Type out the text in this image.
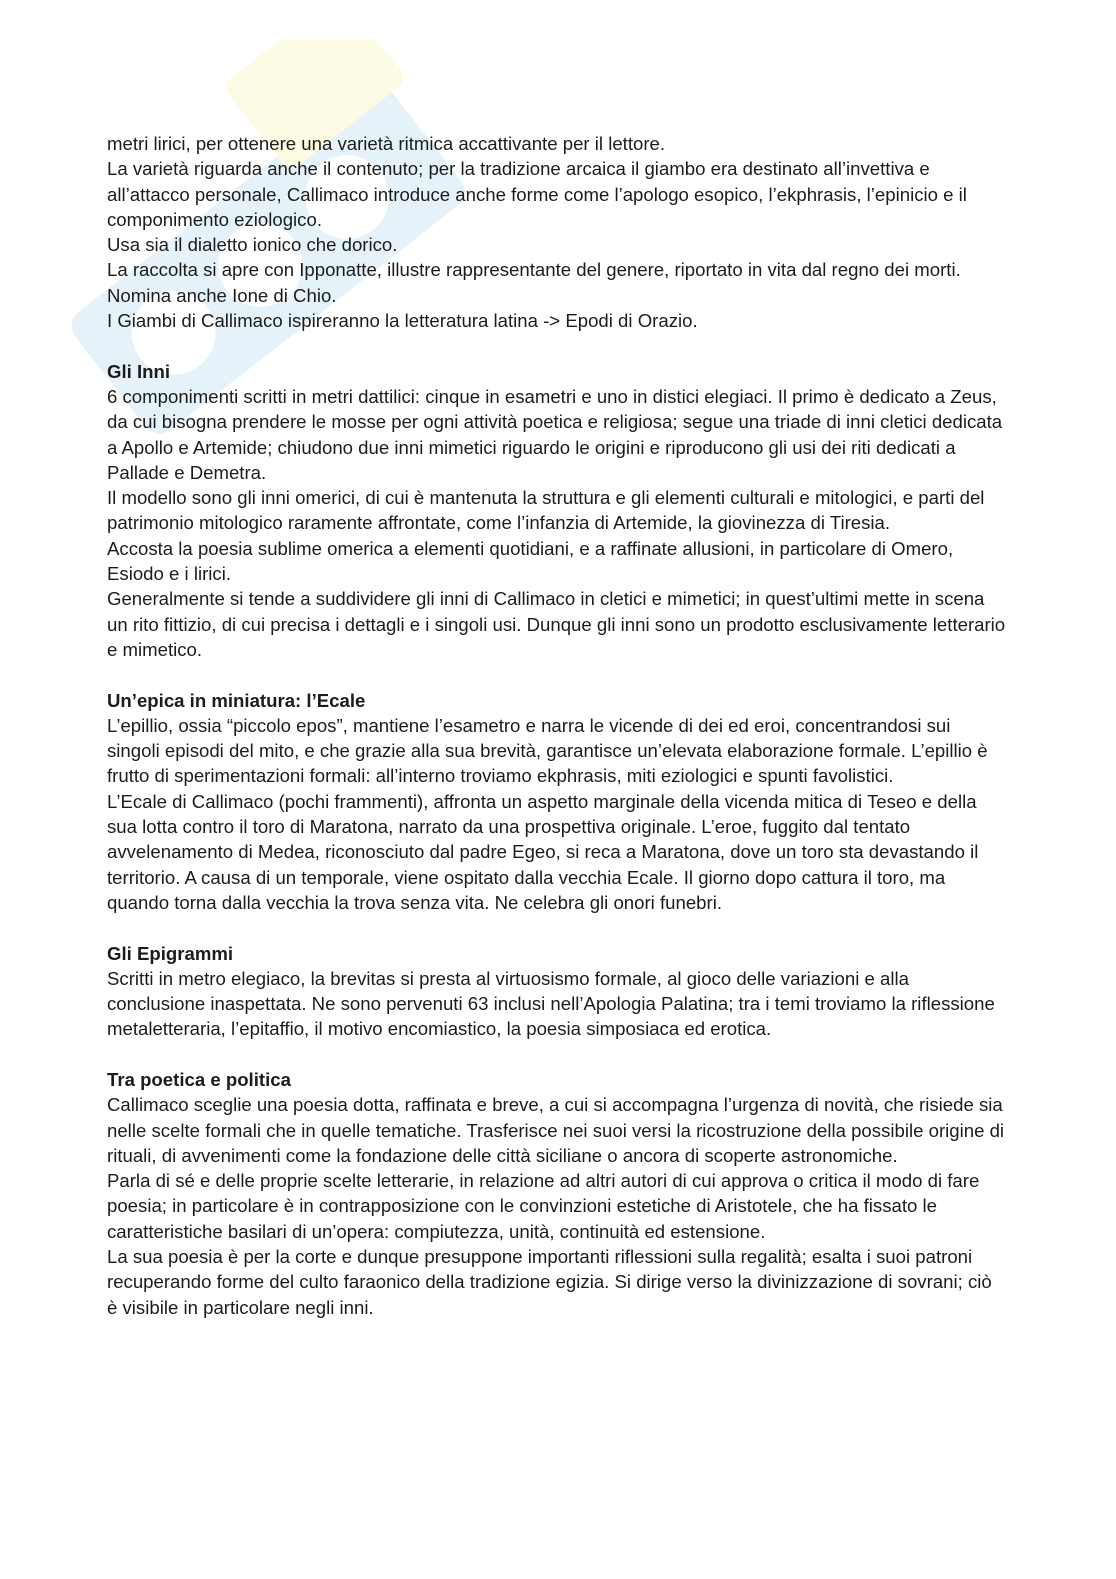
metri lirici, per ottenere una varietà ritmica accattivante per il lettore.

La varietà riguarda anche il contenuto; per la tradizione arcaica il giambo era destinato all’invettiva e all’attacco personale, Callimaco introduce anche forme come l’apologo esopico, l’ekphrasis, l’epinicio e il componimento eziologico.

Usa sia il dialetto ionico che dorico.

La raccolta si apre con Ipponatte, illustre rappresentante del genere, riportato in vita dal regno dei morti. Nomina anche Ione di Chio.

I Giambi di Callimaco ispireranno la letteratura latina -> Epodi di Orazio.

Gli Inni

6 componimenti scritti in metri dattilici: cinque in esametri e uno in distici elegiaci. Il primo è dedicato a Zeus, da cui bisogna prendere le mosse per ogni attività poetica e religiosa; segue una triade di inni cletici dedicata a Apollo e Artemide; chiudono due inni mimetici riguardo le origini e riproducono gli usi dei riti dedicati a Pallade e Demetra.

Il modello sono gli inni omerici, di cui è mantenuta la struttura e gli elementi culturali e mitologici, e parti del patrimonio mitologico raramente affrontate, come l’infanzia di Artemide, la giovinezza di Tiresia.

Accosta la poesia sublime omerica a elementi quotidiani, e a raffinate allusioni, in particolare di Omero, Esiodo e i lirici.

Generalmente si tende a suddividere gli inni di Callimaco in cletici e mimetici; in quest’ultimi mette in scena un rito fittizio, di cui precisa i dettagli e i singoli usi. Dunque gli inni sono un prodotto esclusivamente letterario e mimetico.

Un’epica in miniatura: l’Ecale

L’epillio, ossia “piccolo epos”, mantiene l’esametro e narra le vicende di dei ed eroi, concentrandosi sui singoli episodi del mito, e che grazie alla sua brevità, garantisce un’elevata elaborazione formale. L’epillio è frutto di sperimentazioni formali: all’interno troviamo ekphrasis, miti eziologici e spunti favolistici.

L’Ecale di Callimaco (pochi frammenti), affronta un aspetto marginale della vicenda mitica di Teseo e della sua lotta contro il toro di Maratona, narrato da una prospettiva originale. L’eroe, fuggito dal tentato avvelenamento di Medea, riconosciuto dal padre Egeo, si reca a Maratona, dove un toro sta devastando il territorio. A causa di un temporale, viene ospitato dalla vecchia Ecale. Il giorno dopo cattura il toro, ma quando torna dalla vecchia la trova senza vita. Ne celebra gli onori funebri.

Gli Epigrammi

Scritti in metro elegiaco, la brevitas si presta al virtuosismo formale, al gioco delle variazioni e alla conclusione inaspettata. Ne sono pervenuti 63 inclusi nell’Apologia Palatina; tra i temi troviamo la riflessione metaletteraria, l’epitaffio, il motivo encomiastico, la poesia simposiaca ed erotica.

Tra poetica e politica

Callimaco sceglie una poesia dotta, raffinata e breve, a cui si accompagna l’urgenza di novità, che risiede sia nelle scelte formali che in quelle tematiche. Trasferisce nei suoi versi la ricostruzione della possibile origine di rituali, di avvenimenti come la fondazione delle città siciliane o ancora di scoperte astronomiche.

Parla di sé e delle proprie scelte letterarie, in relazione ad altri autori di cui approva o critica il modo di fare poesia; in particolare è in contrapposizione con le convinzioni estetiche di Aristotele, che ha fissato le caratteristiche basilari di un’opera: compiutezza, unità, continuità ed estensione.

La sua poesia è per la corte e dunque presuppone importanti riflessioni sulla regalità; esalta i suoi patroni recuperando forme del culto faraonico della tradizione egizia. Si dirige verso la divinizzazione di sovrani; ciò è visibile in particolare negli inni.
